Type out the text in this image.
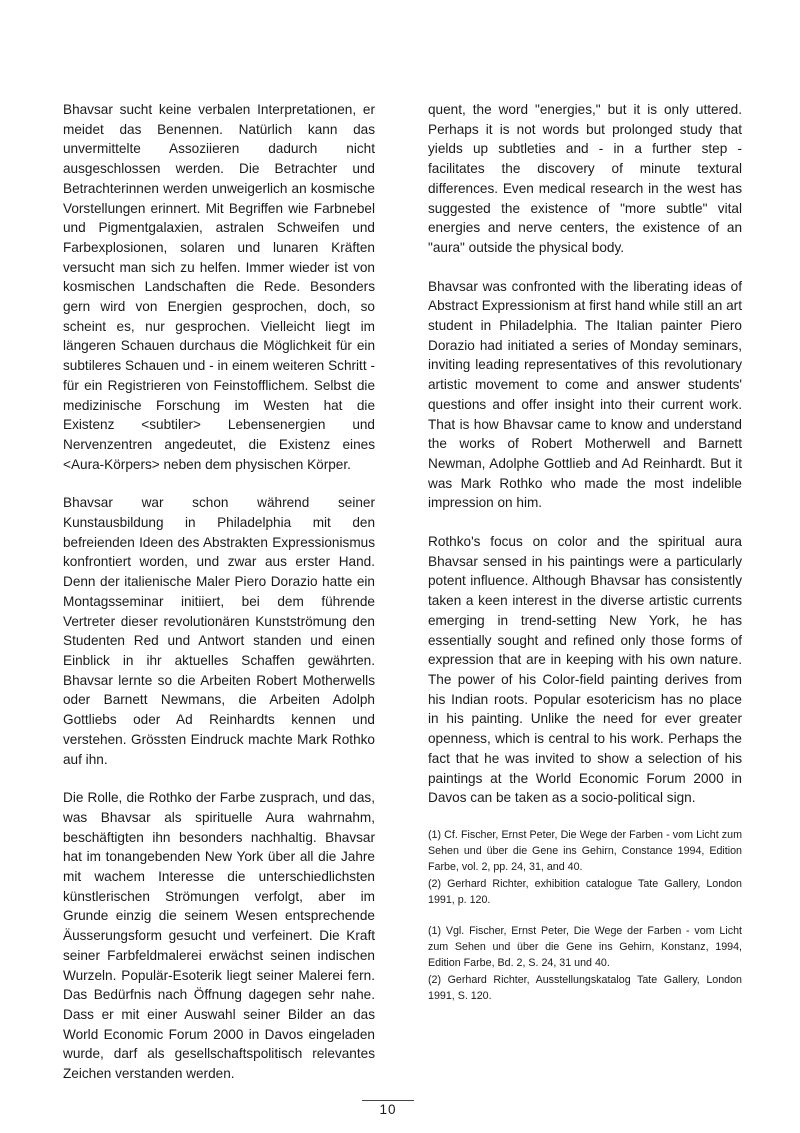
Bhavsar sucht keine verbalen Interpretationen, er meidet das Benennen. Natürlich kann das unvermittelte Assoziieren dadurch nicht ausgeschlossen werden. Die Betrachter und Betrachterinnen werden unweigerlich an kosmische Vorstellungen erinnert. Mit Begriffen wie Farbnebel und Pigmentgalaxien, astralen Schweifen und Farbexplosionen, solaren und lunaren Kräften versucht man sich zu helfen. Immer wieder ist von kosmischen Landschaften die Rede. Besonders gern wird von Energien gesprochen, doch, so scheint es, nur gesprochen. Vielleicht liegt im längeren Schauen durchaus die Möglichkeit für ein subtileres Schauen und - in einem weiteren Schritt - für ein Registrieren von Feinstofflichem. Selbst die medizinische Forschung im Westen hat die Existenz <subtiler> Lebensenergien und Nervenzentren angedeutet, die Existenz eines <Aura-Körpers> neben dem physischen Körper.

Bhavsar war schon während seiner Kunstausbildung in Philadelphia mit den befreienden Ideen des Abstrakten Expressionismus konfrontiert worden, und zwar aus erster Hand. Denn der italienische Maler Piero Dorazio hatte ein Montagsseminar initiiert, bei dem führende Vertreter dieser revolutionären Kunstströmung den Studenten Red und Antwort standen und einen Einblick in ihr aktuelles Schaffen gewährten. Bhavsar lernte so die Arbeiten Robert Motherwells oder Barnett Newmans, die Arbeiten Adolph Gottliebs oder Ad Reinhardts kennen und verstehen. Grössten Eindruck machte Mark Rothko auf ihn.

Die Rolle, die Rothko der Farbe zusprach, und das, was Bhavsar als spirituelle Aura wahrnahm, beschäftigten ihn besonders nachhaltig. Bhavsar hat im tonangebenden New York über all die Jahre mit wachem Interesse die unterschiedlichsten künstlerischen Strömungen verfolgt, aber im Grunde einzig die seinem Wesen entsprechende Äusserungsform gesucht und verfeinert. Die Kraft seiner Farbfeldmalerei erwächst seinen indischen Wurzeln. Populär-Esoterik liegt seiner Malerei fern. Das Bedürfnis nach Öffnung dagegen sehr nahe. Dass er mit einer Auswahl seiner Bilder an das World Economic Forum 2000 in Davos eingeladen wurde, darf als gesellschaftspolitisch relevantes Zeichen verstanden werden.

quent, the word "energies," but it is only uttered. Perhaps it is not words but prolonged study that yields up subtleties and - in a further step - facilitates the discovery of minute textural differences. Even medical research in the west has suggested the existence of "more subtle" vital energies and nerve centers, the existence of an "aura" outside the physical body.

Bhavsar was confronted with the liberating ideas of Abstract Expressionism at first hand while still an art student in Philadelphia. The Italian painter Piero Dorazio had initiated a series of Monday seminars, inviting leading representatives of this revolutionary artistic movement to come and answer students' questions and offer insight into their current work. That is how Bhavsar came to know and understand the works of Robert Motherwell and Barnett Newman, Adolphe Gottlieb and Ad Reinhardt. But it was Mark Rothko who made the most indelible impression on him.

Rothko's focus on color and the spiritual aura Bhavsar sensed in his paintings were a particularly potent influence. Although Bhavsar has consistently taken a keen interest in the diverse artistic currents emerging in trend-setting New York, he has essentially sought and refined only those forms of expression that are in keeping with his own nature. The power of his Color-field painting derives from his Indian roots. Popular esotericism has no place in his painting. Unlike the need for ever greater openness, which is central to his work. Perhaps the fact that he was invited to show a selection of his paintings at the World Economic Forum 2000 in Davos can be taken as a socio-political sign.

(1) Cf. Fischer, Ernst Peter, Die Wege der Farben - vom Licht zum Sehen und über die Gene ins Gehirn, Constance 1994, Edition Farbe, vol. 2, pp. 24, 31, and 40.

(2) Gerhard Richter, exhibition catalogue Tate Gallery, London 1991, p. 120.

(1) Vgl. Fischer, Ernst Peter, Die Wege der Farben - vom Licht zum Sehen und über die Gene ins Gehirn, Konstanz, 1994, Edition Farbe, Bd. 2, S. 24, 31 und 40.

(2) Gerhard Richter, Ausstellungskatalog Tate Gallery, London 1991, S. 120.

10
